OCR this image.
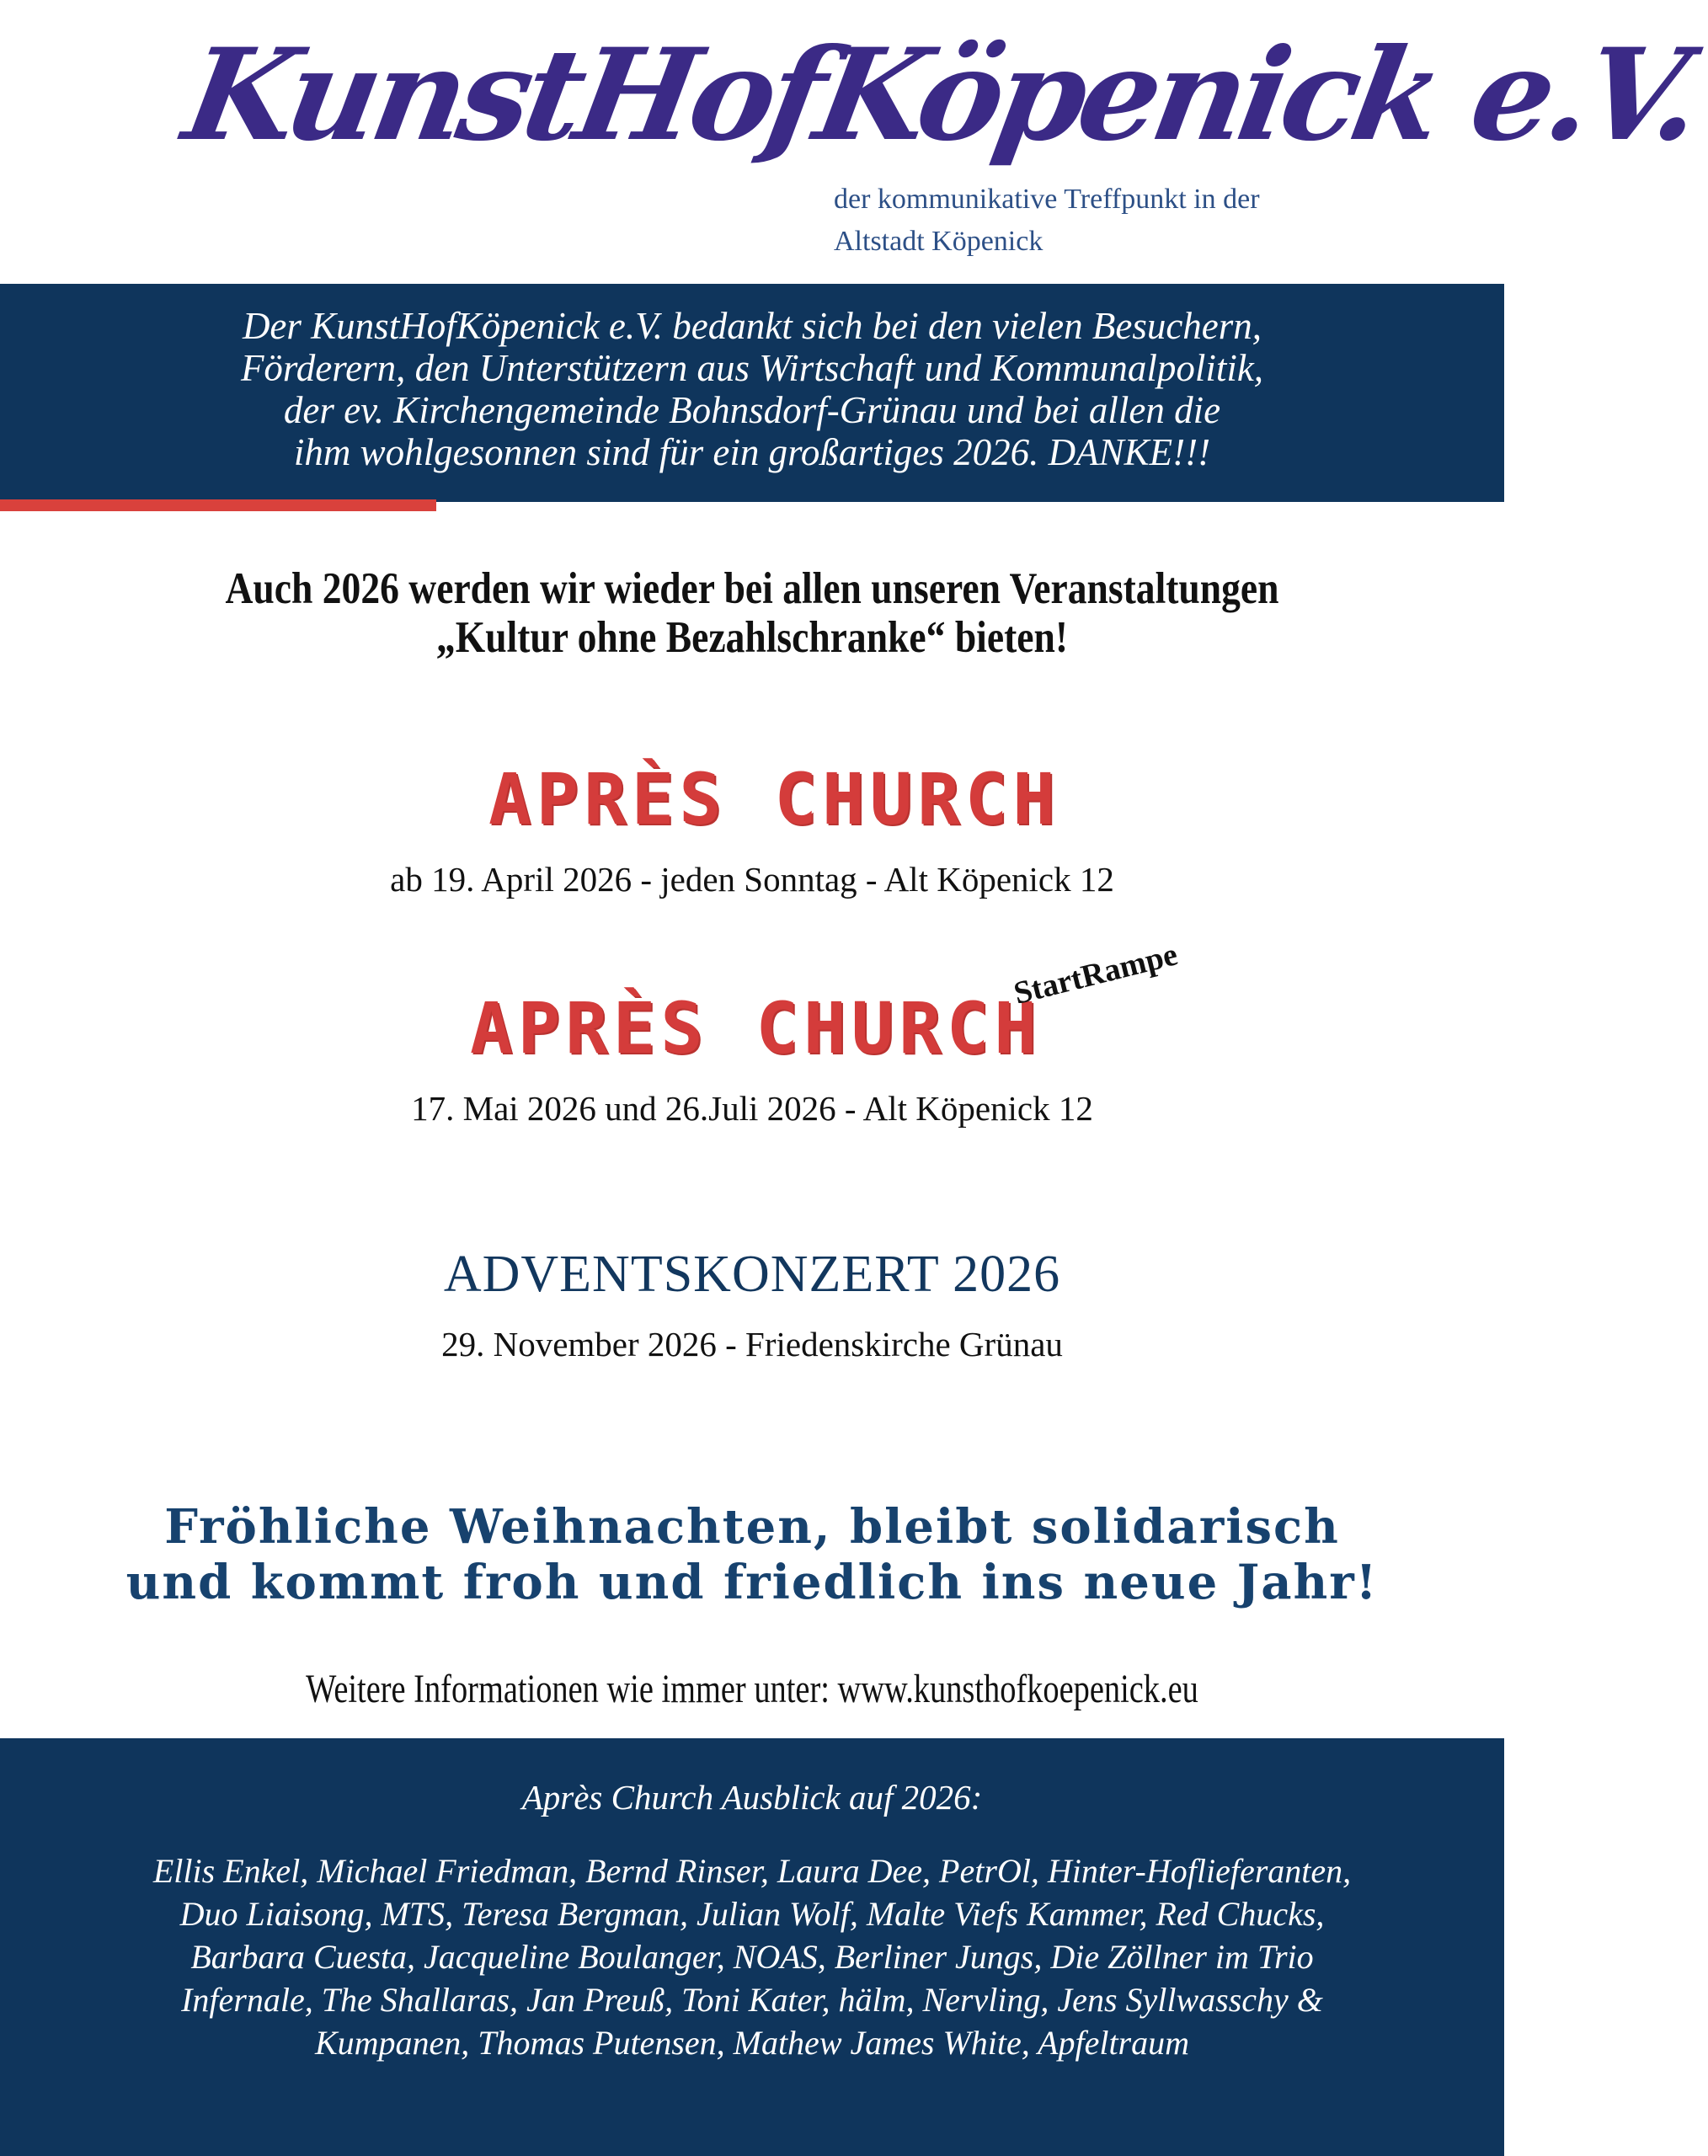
KunstHofKöpenick e.V.
der kommunikative Treffpunkt in der
Altstadt Köpenick
Der KunstHofKöpenick e.V. bedankt sich bei den vielen Besuchern,
Förderern, den Unterstützern aus Wirtschaft und Kommunalpolitik,
der ev. Kirchengemeinde Bohnsdorf-Grünau und bei allen die
ihm wohlgesonnen sind für ein großartiges 2026. DANKE!!!
Auch 2026 werden wir wieder bei allen unseren Veranstaltungen
„Kultur ohne Bezahlschranke“ bieten!
APRÈS CHURCH
ab 19. April 2026 - jeden Sonntag - Alt Köpenick 12
APRÈS CHURCH
StartRampe
17. Mai 2026 und 26.Juli 2026 - Alt Köpenick 12
ADVENTSKONZERT 2026
29. November 2026 - Friedenskirche Grünau
Fröhliche Weihnachten, bleibt solidarisch
und kommt froh und friedlich ins neue Jahr!
Weitere Informationen wie immer unter: www.kunsthofkoepenick.eu
Après Church Ausblick auf 2026:
Ellis Enkel, Michael Friedman, Bernd Rinser, Laura Dee, PetrOl, Hinter-Hoflieferanten,
Duo Liaisong, MTS, Teresa Bergman, Julian Wolf, Malte Viefs Kammer, Red Chucks,
Barbara Cuesta, Jacqueline Boulanger, NOAS, Berliner Jungs, Die Zöllner im Trio
Infernale, The Shallaras, Jan Preuß, Toni Kater, hälm, Nervling, Jens Syllwasschy &
Kumpanen, Thomas Putensen, Mathew James White, Apfeltraum
